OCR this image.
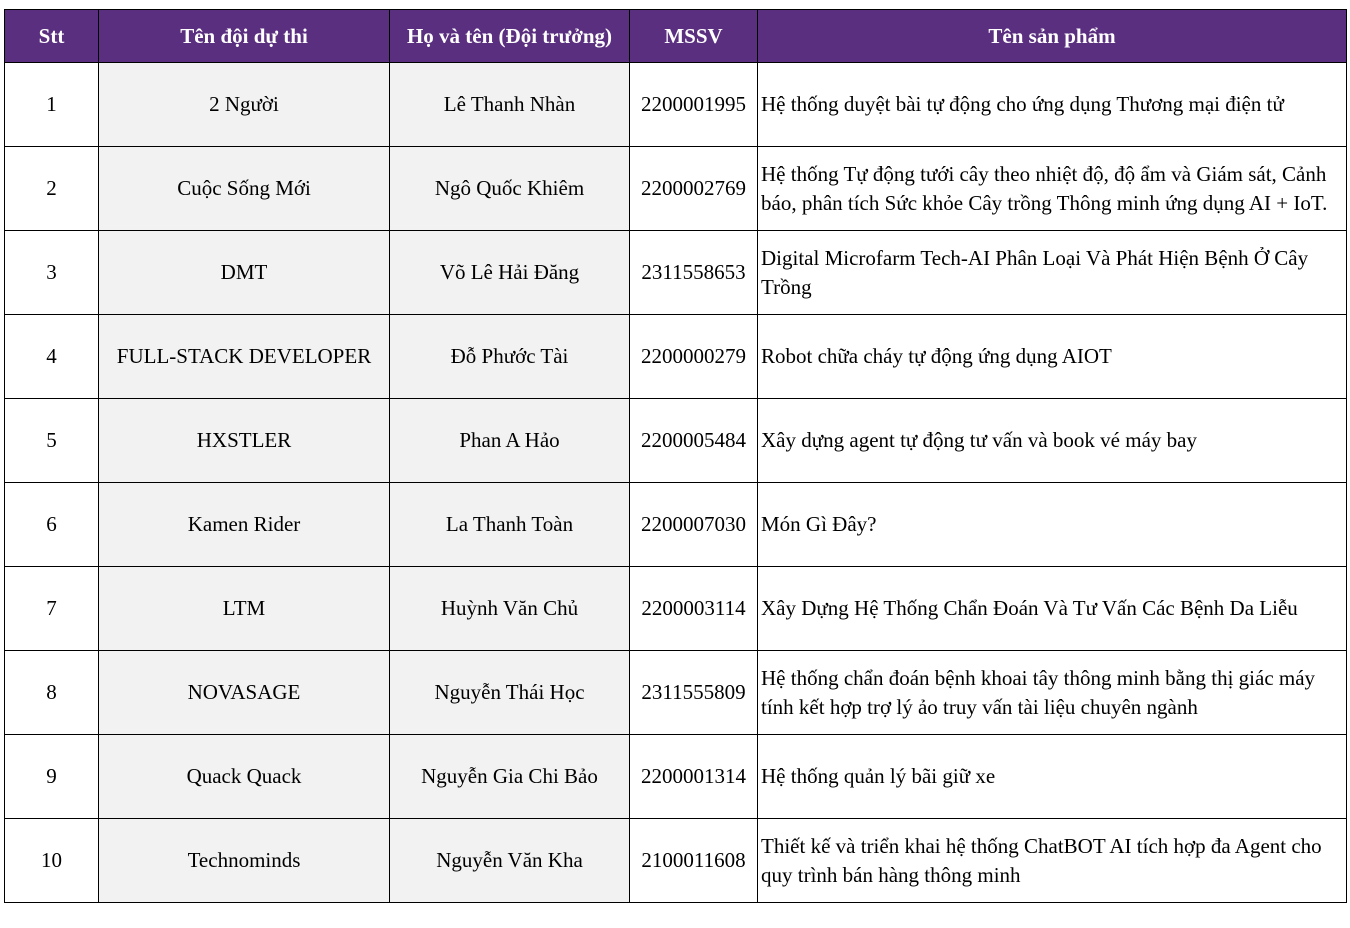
Stt	Tên đội dự thi	Họ và tên (Đội trưởng)	MSSV	Tên sản phẩm
1	2 Người	Lê Thanh Nhàn	2200001995	Hệ thống duyệt bài tự động cho ứng dụng Thương mại điện tử
2	Cuộc Sống Mới	Ngô Quốc Khiêm	2200002769	Hệ thống Tự động tưới cây theo nhiệt độ, độ ẩm và Giám sát, Cảnh báo, phân tích Sức khỏe Cây trồng Thông minh ứng dụng AI + IoT.
3	DMT	Võ Lê Hải Đăng	2311558653	Digital Microfarm Tech-AI Phân Loại Và Phát Hiện Bệnh Ở Cây Trồng
4	FULL-STACK DEVELOPER	Đỗ Phước Tài	2200000279	Robot chữa cháy tự động ứng dụng AIOT
5	HXSTLER	Phan A Hảo	2200005484	Xây dựng agent tự động tư vấn và book vé máy bay
6	Kamen Rider	La Thanh Toàn	2200007030	Món Gì Đây?
7	LTM	Huỳnh Văn Chủ	2200003114	Xây Dựng Hệ Thống Chẩn Đoán Và Tư Vấn Các Bệnh Da Liễu
8	NOVASAGE	Nguyễn Thái Học	2311555809	Hệ thống chẩn đoán bệnh khoai tây thông minh bằng thị giác máy tính kết hợp trợ lý ảo truy vấn tài liệu chuyên ngành
9	Quack Quack	Nguyễn Gia Chi Bảo	2200001314	Hệ thống quản lý bãi giữ xe
10	Technominds	Nguyễn Văn Kha	2100011608	Thiết kế và triển khai hệ thống ChatBOT AI tích hợp đa Agent cho quy trình bán hàng thông minh
